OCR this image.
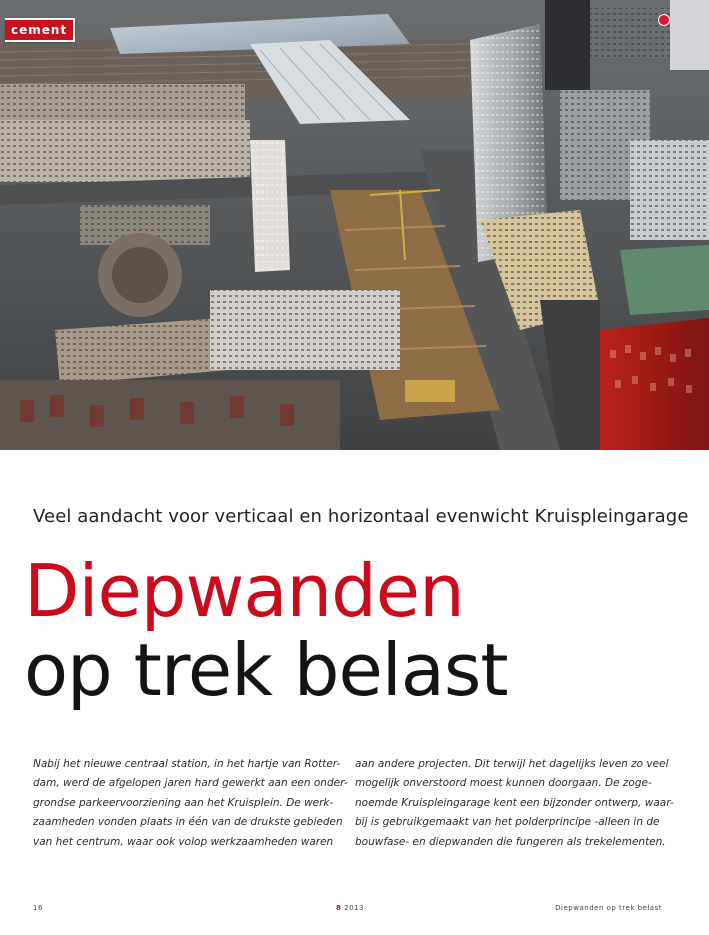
cement
Veel aandacht voor verticaal en horizontaal evenwicht Kruispleingarage
Diepwanden
op trek belast

Nabij het nieuwe centraal station, in het hartje van Rotter-
dam, werd de afgelopen jaren hard gewerkt aan een onder-
grondse parkeervoorziening aan het Kruisplein. De werk-
zaamheden vonden plaats in één van de drukste gebieden
van het centrum, waar ook volop werkzaamheden waren

aan andere projecten. Dit terwijl het dagelijks leven zo veel
mogelijk onverstoord moest kunnen doorgaan. De zoge-
noemde Kruispleingarage kent een bijzonder ontwerp, waar-
bij is gebruikgemaakt van het polderprincipe -alleen in de
bouwfase- en diepwanden die fungeren als trekelementen.

16	8 2013	Diepwanden op trek belast
